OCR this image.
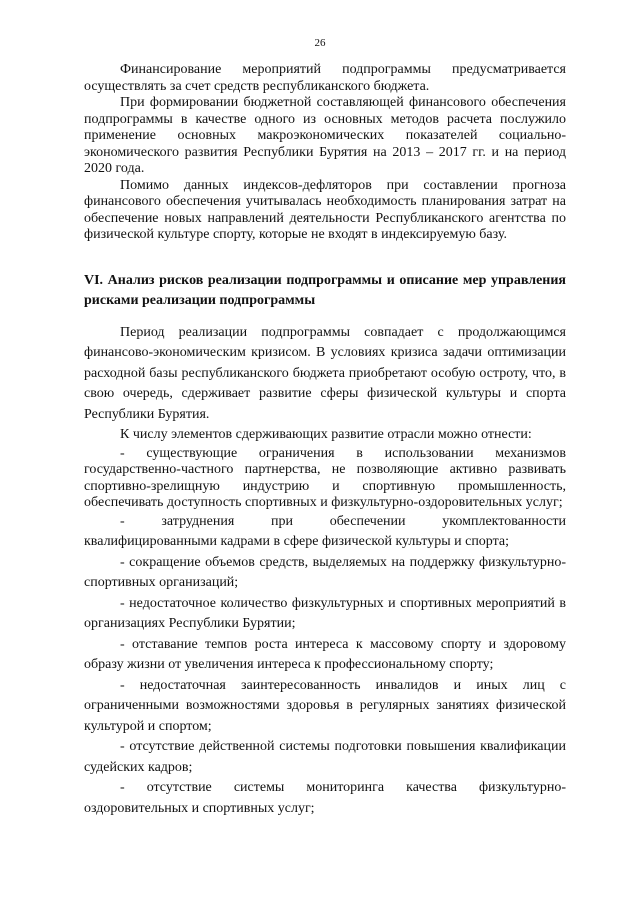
26

Финансирование мероприятий подпрограммы предусматривается осуществлять за счет средств республиканского бюджета.

При формировании бюджетной составляющей финансового обеспечения подпрограммы в качестве одного из основных методов расчета послужило применение основных макроэкономических показателей социально-экономического развития Республики Бурятия на 2013 – 2017 гг. и на период 2020 года.

Помимо данных индексов-дефляторов при составлении прогноза финансового обеспечения учитывалась необходимость планирования затрат на обеспечение новых направлений деятельности Республиканского агентства по физической культуре спорту, которые не входят в индексируемую базу.

VI. Анализ рисков реализации подпрограммы и описание мер управления рисками реализации подпрограммы

Период реализации подпрограммы совпадает с продолжающимся финансово-экономическим кризисом. В условиях кризиса задачи оптимизации расходной базы республиканского бюджета приобретают особую остроту, что, в свою очередь, сдерживает развитие сферы физической культуры и спорта Республики Бурятия.

К числу элементов сдерживающих развитие отрасли можно отнести:

- существующие ограничения в использовании механизмов государственно-частного партнерства, не позволяющие активно развивать спортивно-зрелищную индустрию и спортивную промышленность, обеспечивать доступность спортивных и физкультурно-оздоровительных услуг;

- затруднения при обеспечении укомплектованности квалифицированными кадрами в сфере физической культуры и спорта;

- сокращение объемов средств, выделяемых на поддержку физкультурно-спортивных организаций;

- недостаточное количество физкультурных и спортивных мероприятий в организациях Республики Бурятии;

- отставание темпов роста интереса к массовому спорту и здоровому образу жизни от увеличения интереса к профессиональному спорту;

- недостаточная заинтересованность инвалидов и иных лиц с ограниченными возможностями здоровья в регулярных занятиях физической культурой и спортом;

- отсутствие действенной системы подготовки повышения квалификации судейских кадров;

- отсутствие системы мониторинга качества физкультурно-оздоровительных и спортивных услуг;
